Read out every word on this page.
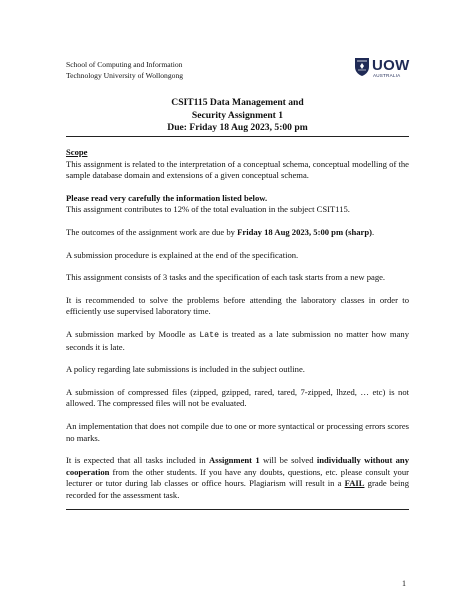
School of Computing and Information
Technology University of Wollongong
UOW
AUSTRALIA
CSIT115 Data Management and
Security Assignment 1
Due: Friday 18 Aug 2023, 5:00 pm

Scope

This assignment is related to the interpretation of a conceptual schema, conceptual modelling of the sample database domain and extensions of a given conceptual schema.

Please read very carefully the information listed below.

This assignment contributes to 12% of the total evaluation in the subject CSIT115.

The outcomes of the assignment work are due by Friday 18 Aug 2023, 5:00 pm (sharp).

A submission procedure is explained at the end of the specification.

This assignment consists of 3 tasks and the specification of each task starts from a new page.

It is recommended to solve the problems before attending the laboratory classes in order to efficiently use supervised laboratory time.

A submission marked by Moodle as Late is treated as a late submission no matter how many seconds it is late.

A policy regarding late submissions is included in the subject outline.

A submission of compressed files (zipped, gzipped, rared, tared, 7-zipped, lhzed, … etc) is not allowed. The compressed files will not be evaluated.

An implementation that does not compile due to one or more syntactical or processing errors scores no marks.

It is expected that all tasks included in Assignment 1 will be solved individually without any cooperation from the other students. If you have any doubts, questions, etc. please consult your lecturer or tutor during lab classes or office hours. Plagiarism will result in a FAIL grade being recorded for the assessment task.

1
